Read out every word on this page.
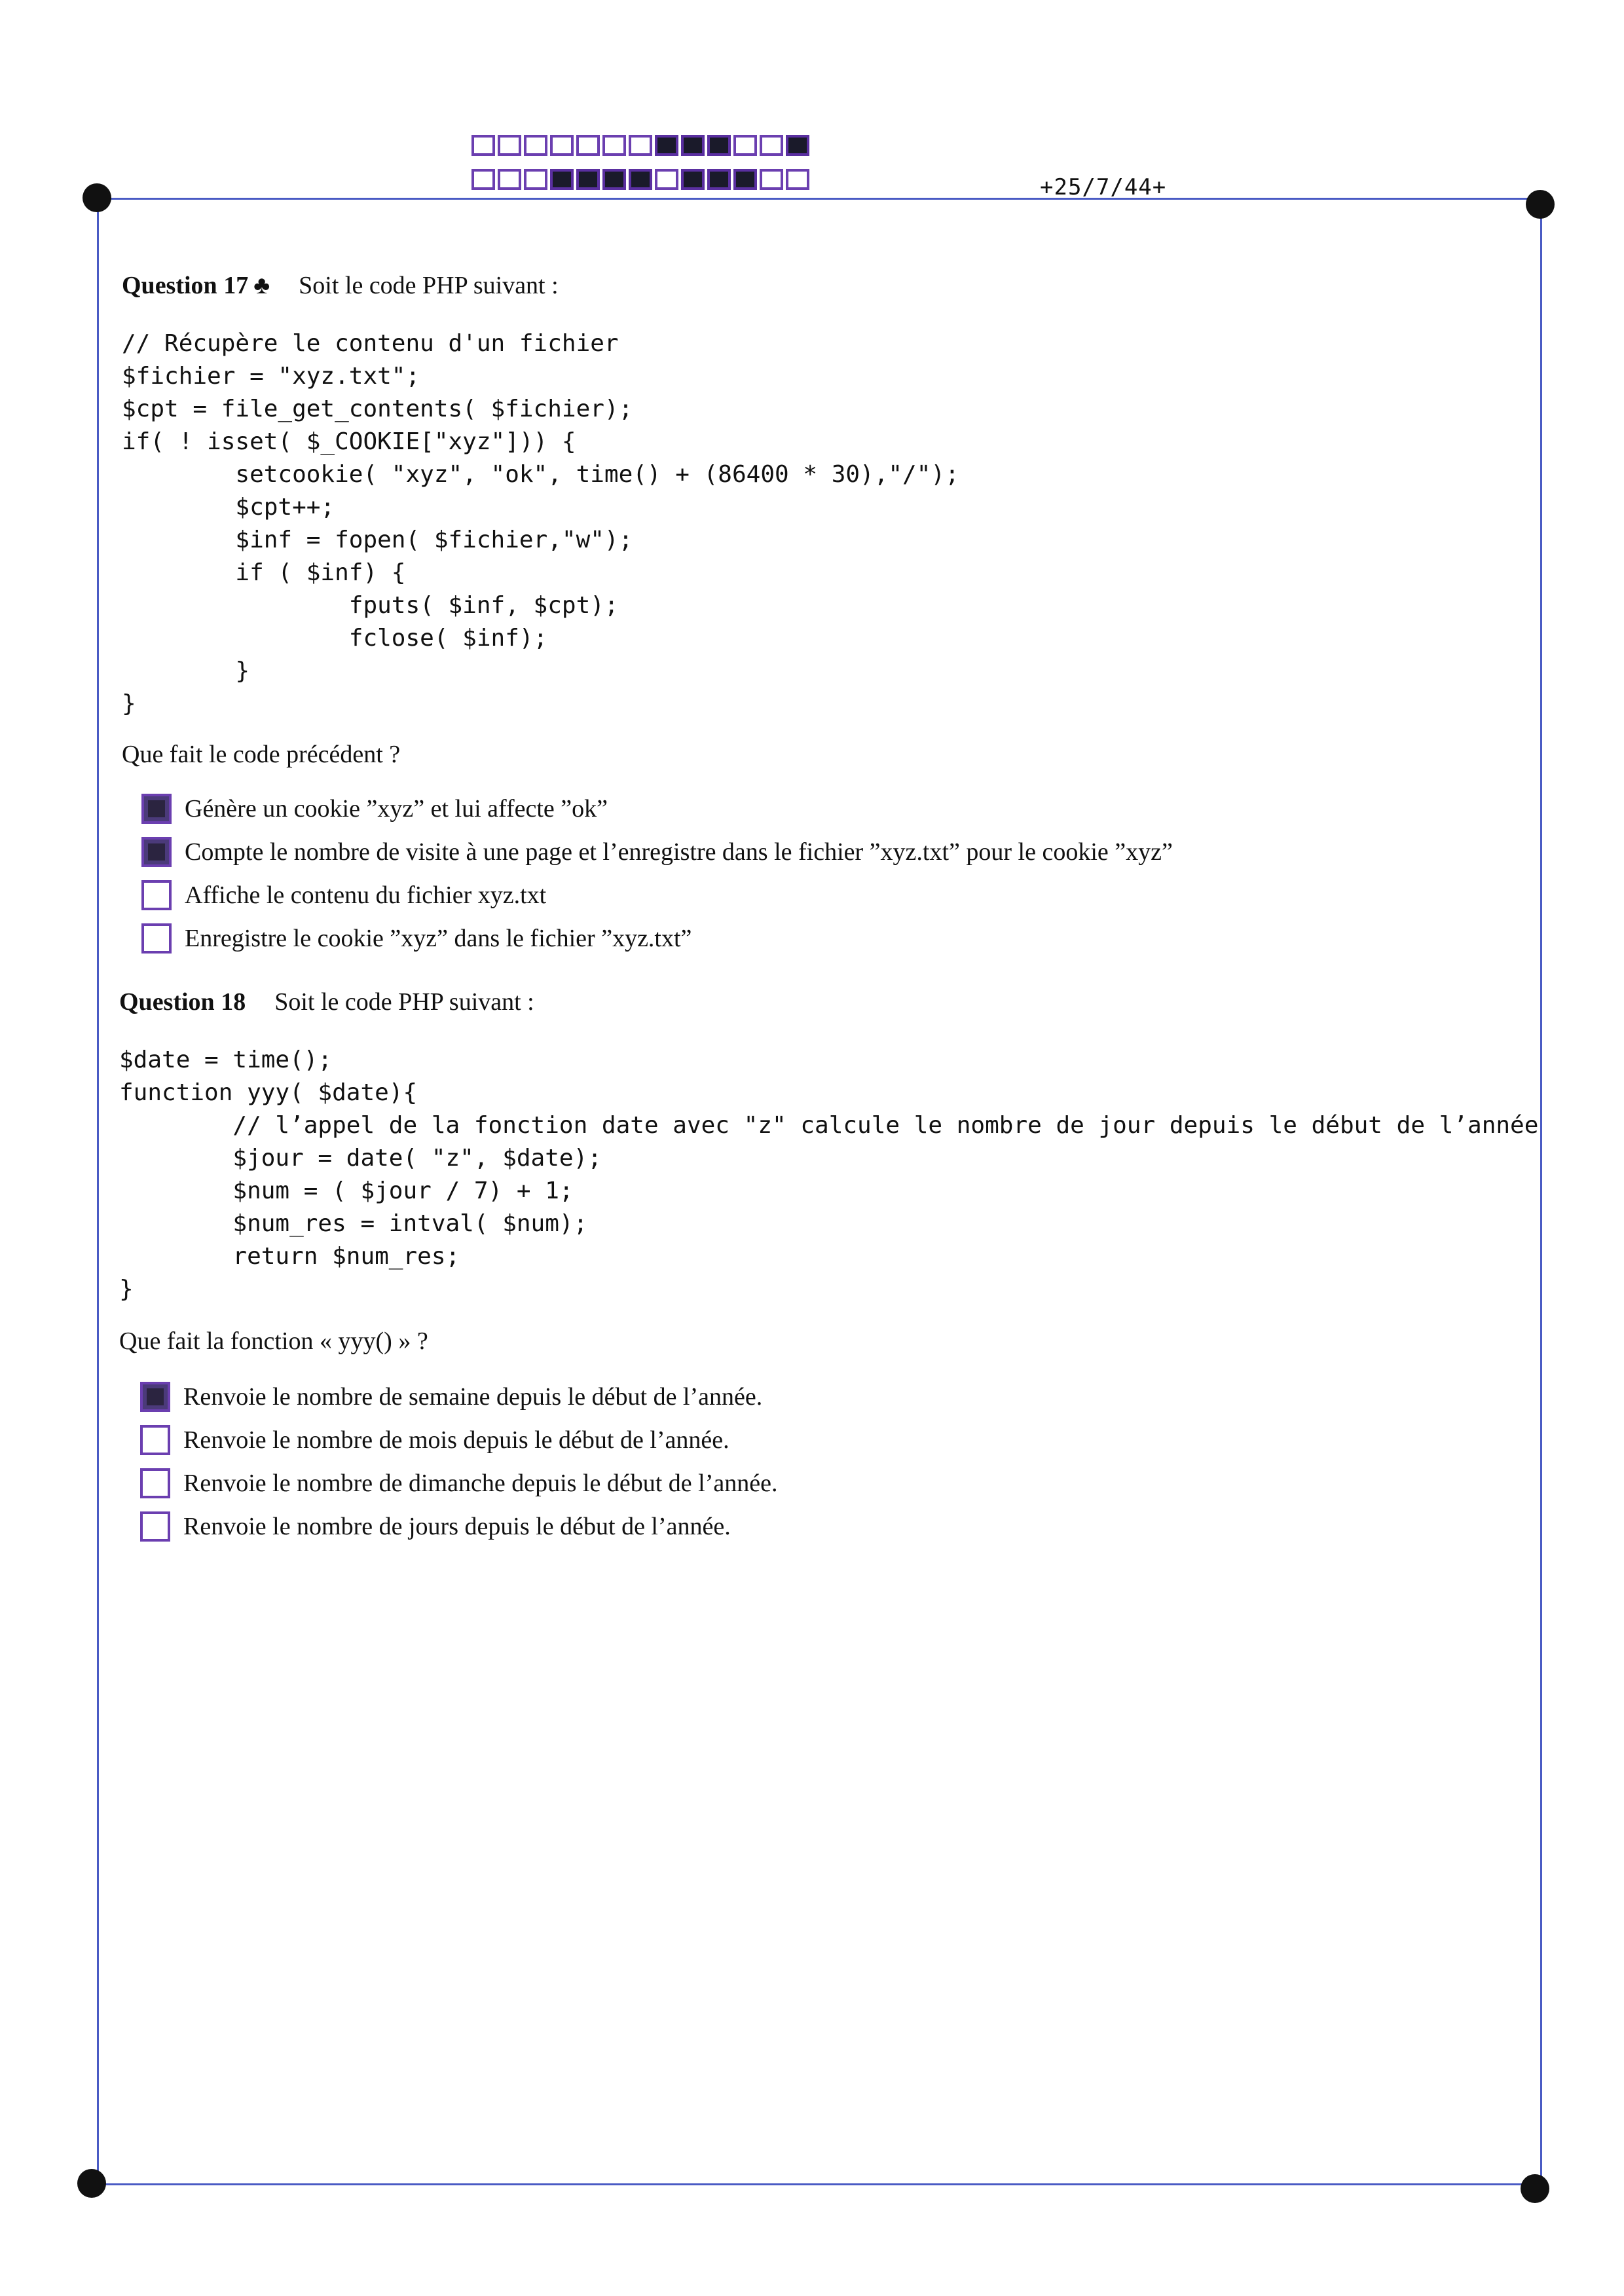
+25/7/44+
Question 17 ♣ Soit le code PHP suivant :
// Récupère le contenu d'un fichier
$fichier = "xyz.txt";
$cpt = file_get_contents( $fichier);
if( ! isset( $_COOKIE["xyz"])) {
setcookie( "xyz", "ok", time() + (86400 * 30),"/");
$cpt++;
$inf = fopen( $fichier,"w");
if ( $inf) {
fputs( $inf, $cpt);
fclose( $inf);
}
}
Que fait le code précédent ?
Génère un cookie ”xyz” et lui affecte ”ok”
Compte le nombre de visite à une page et l’enregistre dans le fichier ”xyz.txt” pour le cookie ”xyz”
Affiche le contenu du fichier xyz.txt
Enregistre le cookie ”xyz” dans le fichier ”xyz.txt”
Question 18 Soit le code PHP suivant :
$date = time();
function yyy( $date){
// l’appel de la fonction date avec "z" calcule le nombre de jour depuis le début de l’année
$jour = date( "z", $date);
$num = ( $jour / 7) + 1;
$num_res = intval( $num);
return $num_res;
}
Que fait la fonction « yyy() » ?
Renvoie le nombre de semaine depuis le début de l’année.
Renvoie le nombre de mois depuis le début de l’année.
Renvoie le nombre de dimanche depuis le début de l’année.
Renvoie le nombre de jours depuis le début de l’année.
